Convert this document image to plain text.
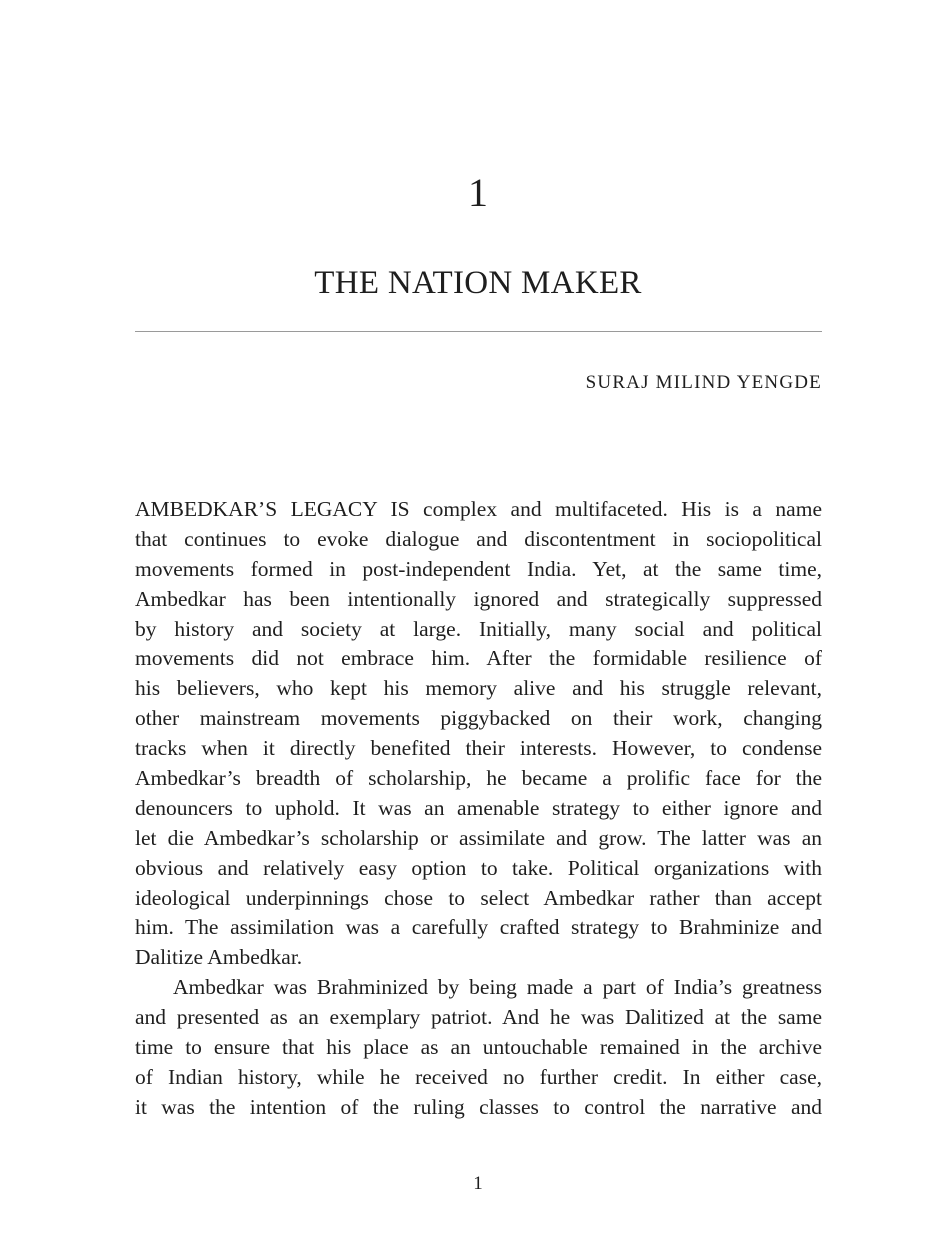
1
THE NATION MAKER
SURAJ MILIND YENGDE
AMBEDKAR’S LEGACY IS complex and multifaceted. His is a name
that continues to evoke dialogue and discontentment in sociopolitical
movements formed in post-independent India. Yet, at the same time,
Ambedkar has been intentionally ignored and strategically suppressed
by history and society at large. Initially, many social and political
movements did not embrace him. After the formidable resilience of
his believers, who kept his memory alive and his struggle relevant,
other mainstream movements piggybacked on their work, changing
tracks when it directly benefited their interests. However, to condense
Ambedkar’s breadth of scholarship, he became a prolific face for the
denouncers to uphold. It was an amenable strategy to either ignore and
let die Ambedkar’s scholarship or assimilate and grow. The latter was an
obvious and relatively easy option to take. Political organizations with
ideological underpinnings chose to select Ambedkar rather than accept
him. The assimilation was a carefully crafted strategy to Brahminize and
Dalitize Ambedkar.
Ambedkar was Brahminized by being made a part of India’s greatness
and presented as an exemplary patriot. And he was Dalitized at the same
time to ensure that his place as an untouchable remained in the archive
of Indian history, while he received no further credit. In either case,
it was the intention of the ruling classes to control the narrative and
1
